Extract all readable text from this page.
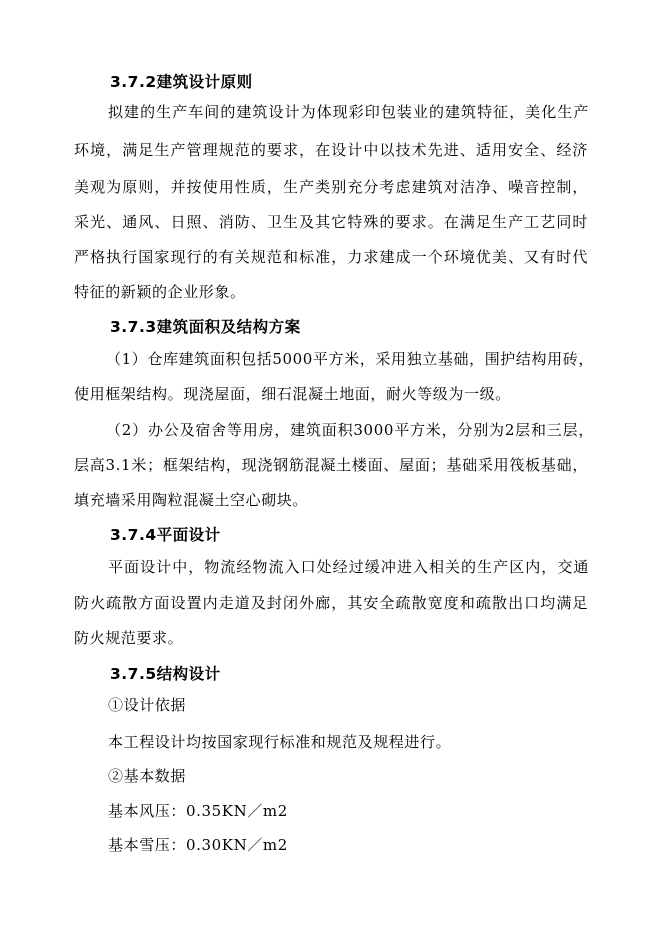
3.7.2建筑设计原则
拟建的生产车间的建筑设计为体现彩印包装业的建筑特征，美化生产
环境，满足生产管理规范的要求，在设计中以技术先进、适用安全、经济
美观为原则，并按使用性质，生产类别充分考虑建筑对洁净、噪音控制，
采光、通风、日照、消防、卫生及其它特殊的要求。在满足生产工艺同时
严格执行国家现行的有关规范和标准，力求建成一个环境优美、又有时代
特征的新颖的企业形象。
3.7.3建筑面积及结构方案
（1）仓库建筑面积包括5000平方米，采用独立基础，围护结构用砖，
使用框架结构。现浇屋面，细石混凝土地面，耐火等级为一级。
（2）办公及宿舍等用房，建筑面积3000平方米，分别为2层和三层，
层高3.1米；框架结构，现浇钢筋混凝土楼面、屋面；基础采用筏板基础，
填充墙采用陶粒混凝土空心砌块。
3.7.4平面设计
平面设计中，物流经物流入口处经过缓冲进入相关的生产区内，交通
防火疏散方面设置内走道及封闭外廊，其安全疏散宽度和疏散出口均满足
防火规范要求。
3.7.5结构设计
①设计依据
本工程设计均按国家现行标准和规范及规程进行。
②基本数据
基本风压：0.35KN／m2
基本雪压：0.30KN／m2
